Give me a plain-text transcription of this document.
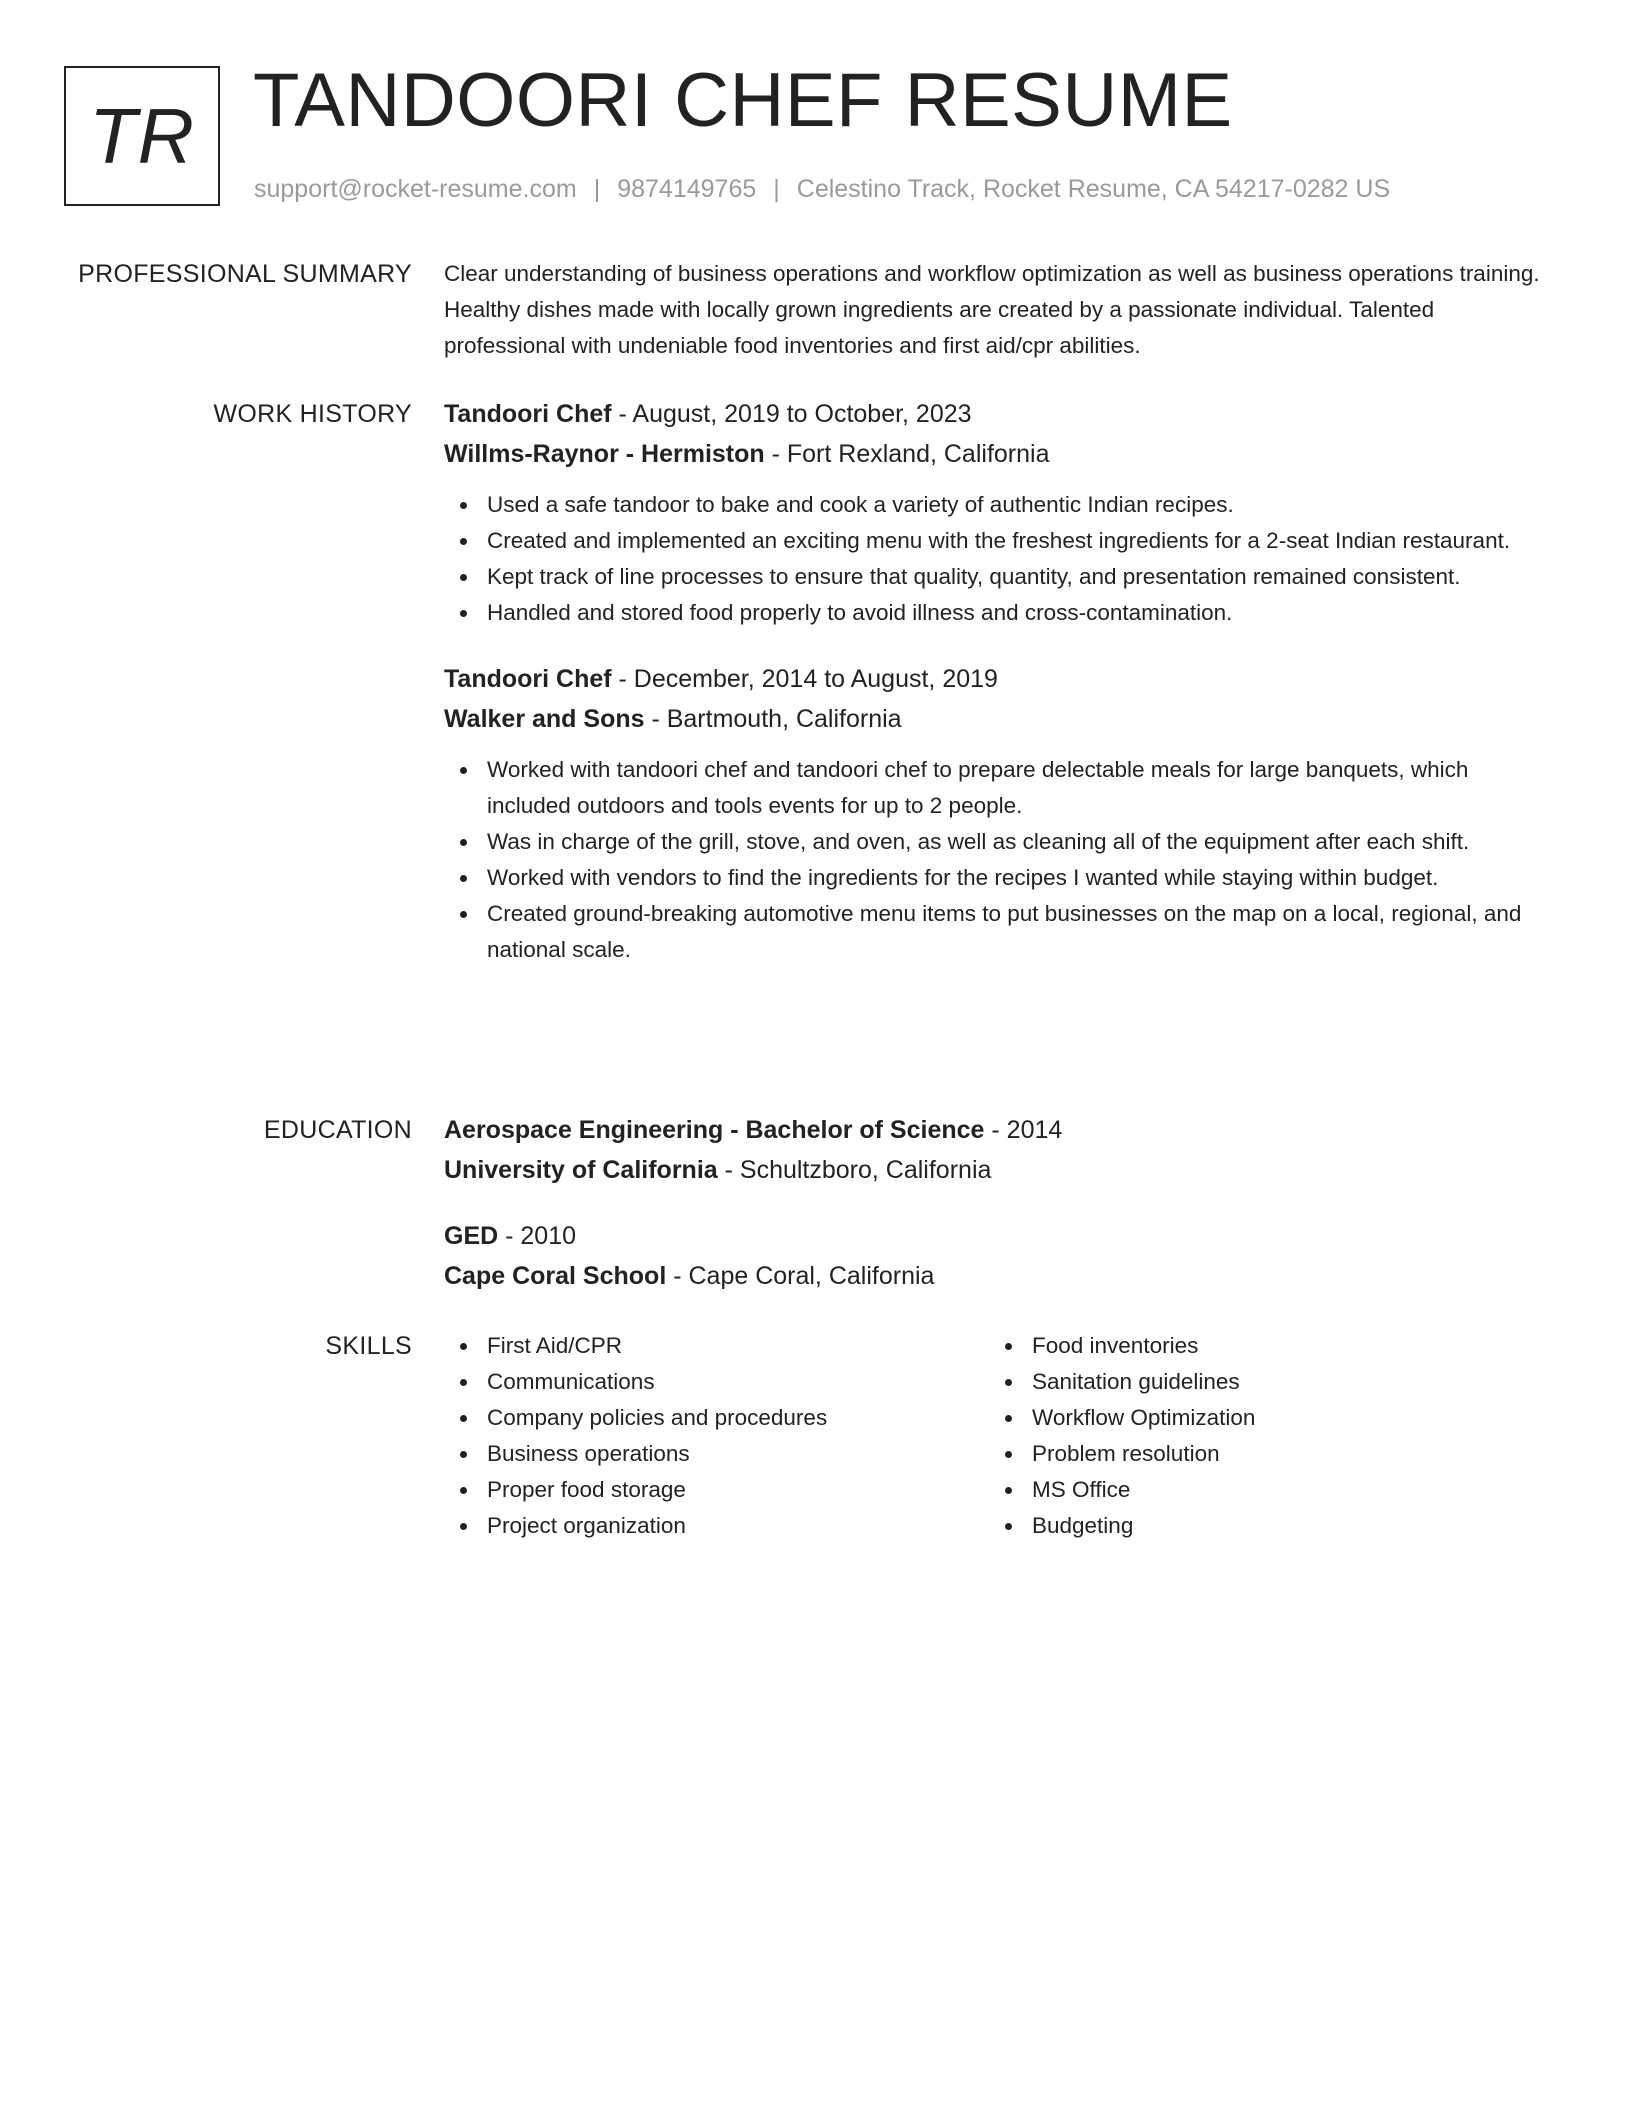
TR TANDOORI CHEF RESUME
support@rocket-resume.com | 9874149765 | Celestino Track, Rocket Resume, CA 54217-0282 US
PROFESSIONAL SUMMARY Clear understanding of business operations and workflow optimization as well as business operations training. Healthy dishes made with locally grown ingredients are created by a passionate individual. Talented professional with undeniable food inventories and first aid/cpr abilities.

WORK HISTORY Tandoori Chef - August, 2019 to October, 2023
Willms-Raynor - Hermiston - Fort Rexland, California
Used a safe tandoor to bake and cook a variety of authentic Indian recipes.
Created and implemented an exciting menu with the freshest ingredients for a 2-seat Indian restaurant.
Kept track of line processes to ensure that quality, quantity, and presentation remained consistent.
Handled and stored food properly to avoid illness and cross-contamination.
Tandoori Chef - December, 2014 to August, 2019
Walker and Sons - Bartmouth, California
Worked with tandoori chef and tandoori chef to prepare delectable meals for large banquets, which included outdoors and tools events for up to 2 people.
Was in charge of the grill, stove, and oven, as well as cleaning all of the equipment after each shift.
Worked with vendors to find the ingredients for the recipes I wanted while staying within budget.
Created ground-breaking automotive menu items to put businesses on the map on a local, regional, and national scale.
EDUCATION Aerospace Engineering - Bachelor of Science - 2014
University of California - Schultzboro, California
GED - 2010
Cape Coral School - Cape Coral, California
SKILLS	First Aid/CPR
Communications
Company policies and procedures
Business operations
Proper food storage
Project organization
Food inventories
Sanitation guidelines
Workflow Optimization
Problem resolution
MS Office
Budgeting
